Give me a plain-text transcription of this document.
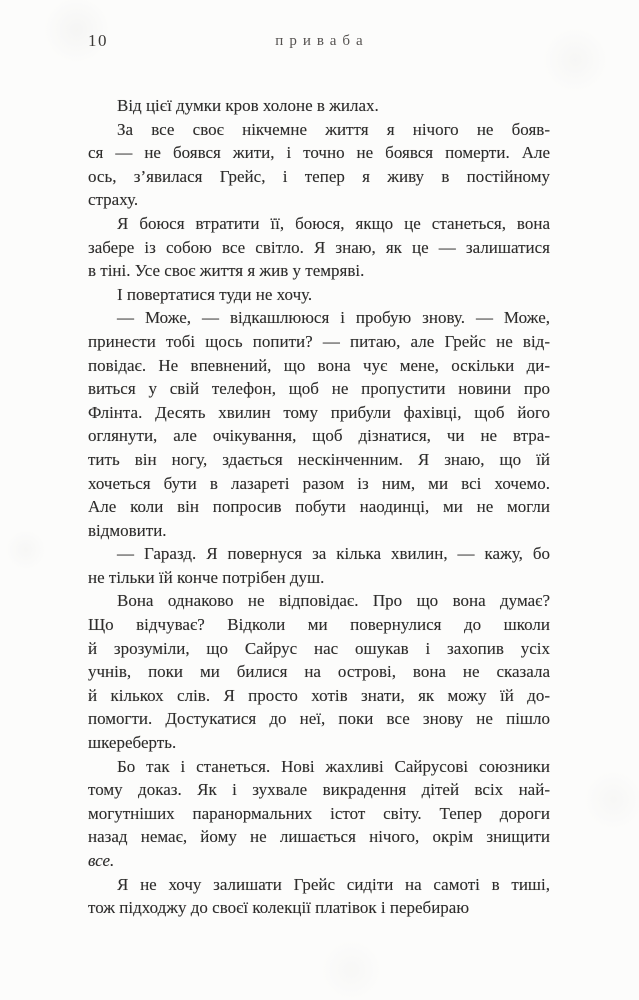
10	приваба
Від цієї думки кров холоне в жилах.
За все своє нікчемне життя я нічого не бояв-
ся — не боявся жити, і точно не боявся померти. Але
ось, з’явилася Грейс, і тепер я живу в постійному
страху.
Я боюся втратити її, боюся, якщо це станеться, вона
забере із собою все світло. Я знаю, як це — залишатися
в тіні. Усе своє життя я жив у темряві.
І повертатися туди не хочу.
— Може, — відкашлююся і пробую знову. — Може,
принести тобі щось попити? — питаю, але Грейс не від-
повідає. Не впевнений, що вона чує мене, оскільки ди-
виться у свій телефон, щоб не пропустити новини про
Флінта. Десять хвилин тому прибули фахівці, щоб його
оглянути, але очікування, щоб дізнатися, чи не втра-
тить він ногу, здається нескінченним. Я знаю, що їй
хочеться бути в лазареті разом із ним, ми всі хочемо.
Але коли він попросив побути наодинці, ми не могли
відмовити.
— Гаразд. Я повернуся за кілька хвилин, — кажу, бо
не тільки їй конче потрібен душ.
Вона однаково не відповідає. Про що вона думає?
Що відчуває? Відколи ми повернулися до школи
й зрозуміли, що Сайрус нас ошукав і захопив усіх
учнів, поки ми билися на острові, вона не сказала
й кількох слів. Я просто хотів знати, як можу їй до-
помогти. Достукатися до неї, поки все знову не пішло
шкереберть.
Бо так і станеться. Нові жахливі Сайрусові союзники
тому доказ. Як і зухвале викрадення дітей всіх най-
могутніших паранормальних істот світу. Тепер дороги
назад немає, йому не лишається нічого, окрім знищити
все.
Я не хочу залишати Грейс сидіти на самоті в тиші,
тож підходжу до своєї колекції платівок і перебираю
